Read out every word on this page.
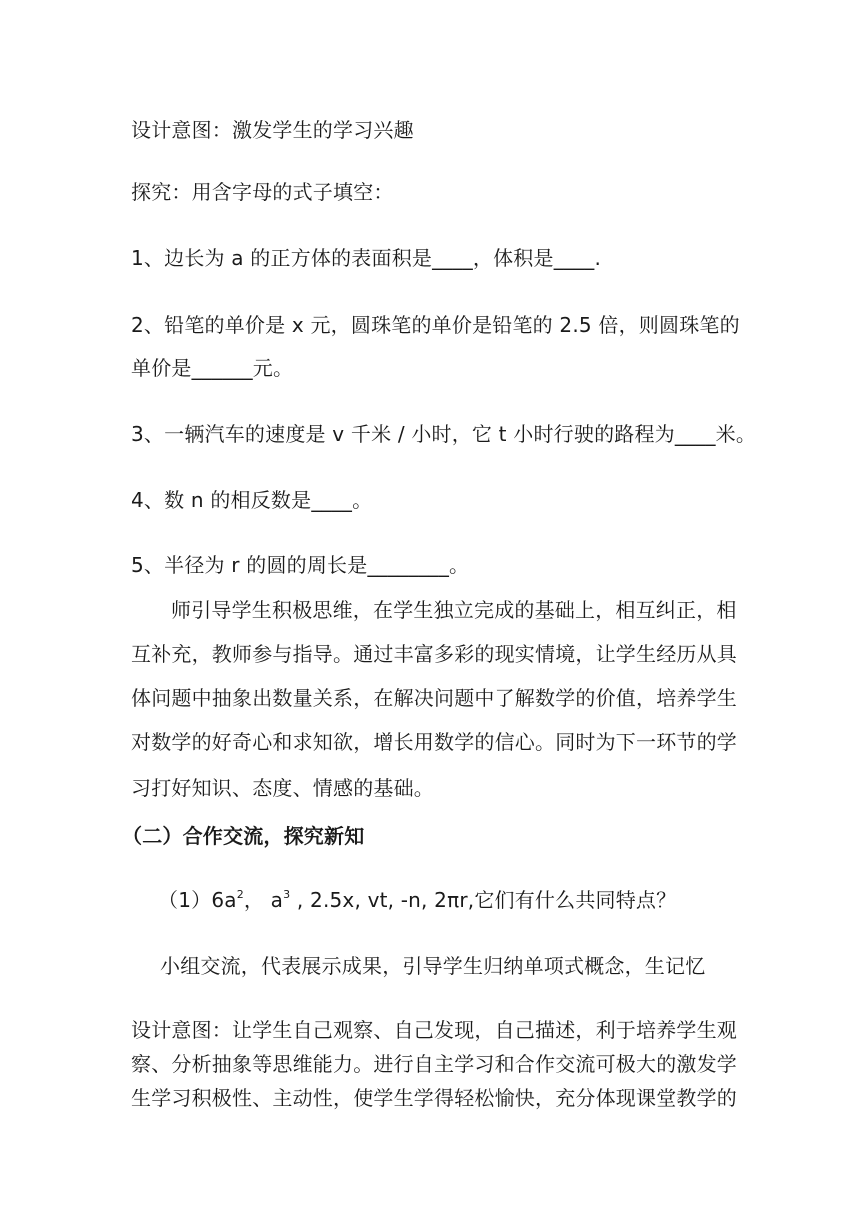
设计意图：激发学生的学习兴趣
探究：用含字母的式子填空：
1、边长为 a 的正方体的表面积是____，体积是____.
2、铅笔的单价是 x 元，圆珠笔的单价是铅笔的 2.5 倍，则圆珠笔的
单价是______元。
3、一辆汽车的速度是 v 千米 / 小时，它 t 小时行驶的路程为____米。
4、数 n 的相反数是____。
5、半径为 r 的圆的周长是________。
师引导学生积极思维，在学生独立完成的基础上，相互纠正，相
互补充，教师参与指导。通过丰富多彩的现实情境，让学生经历从具
体问题中抽象出数量关系，在解决问题中了解数学的价值，培养学生
对数学的好奇心和求知欲，增长用数学的信心。同时为下一环节的学
习打好知识、态度、情感的基础。
（二）合作交流，探究新知
$(1)6a^2$， $a^3$ , 2.5x, vt, -n, 2πr,它们有什么共同特点？
小组交流，代表展示成果，引导学生归纳单项式概念，生记忆
设计意图：让学生自己观察、自己发现，自己描述，利于培养学生观
察、分析抽象等思维能力。进行自主学习和合作交流可极大的激发学
生学习积极性、主动性，使学生学得轻松愉快，充分体现课堂教学的
